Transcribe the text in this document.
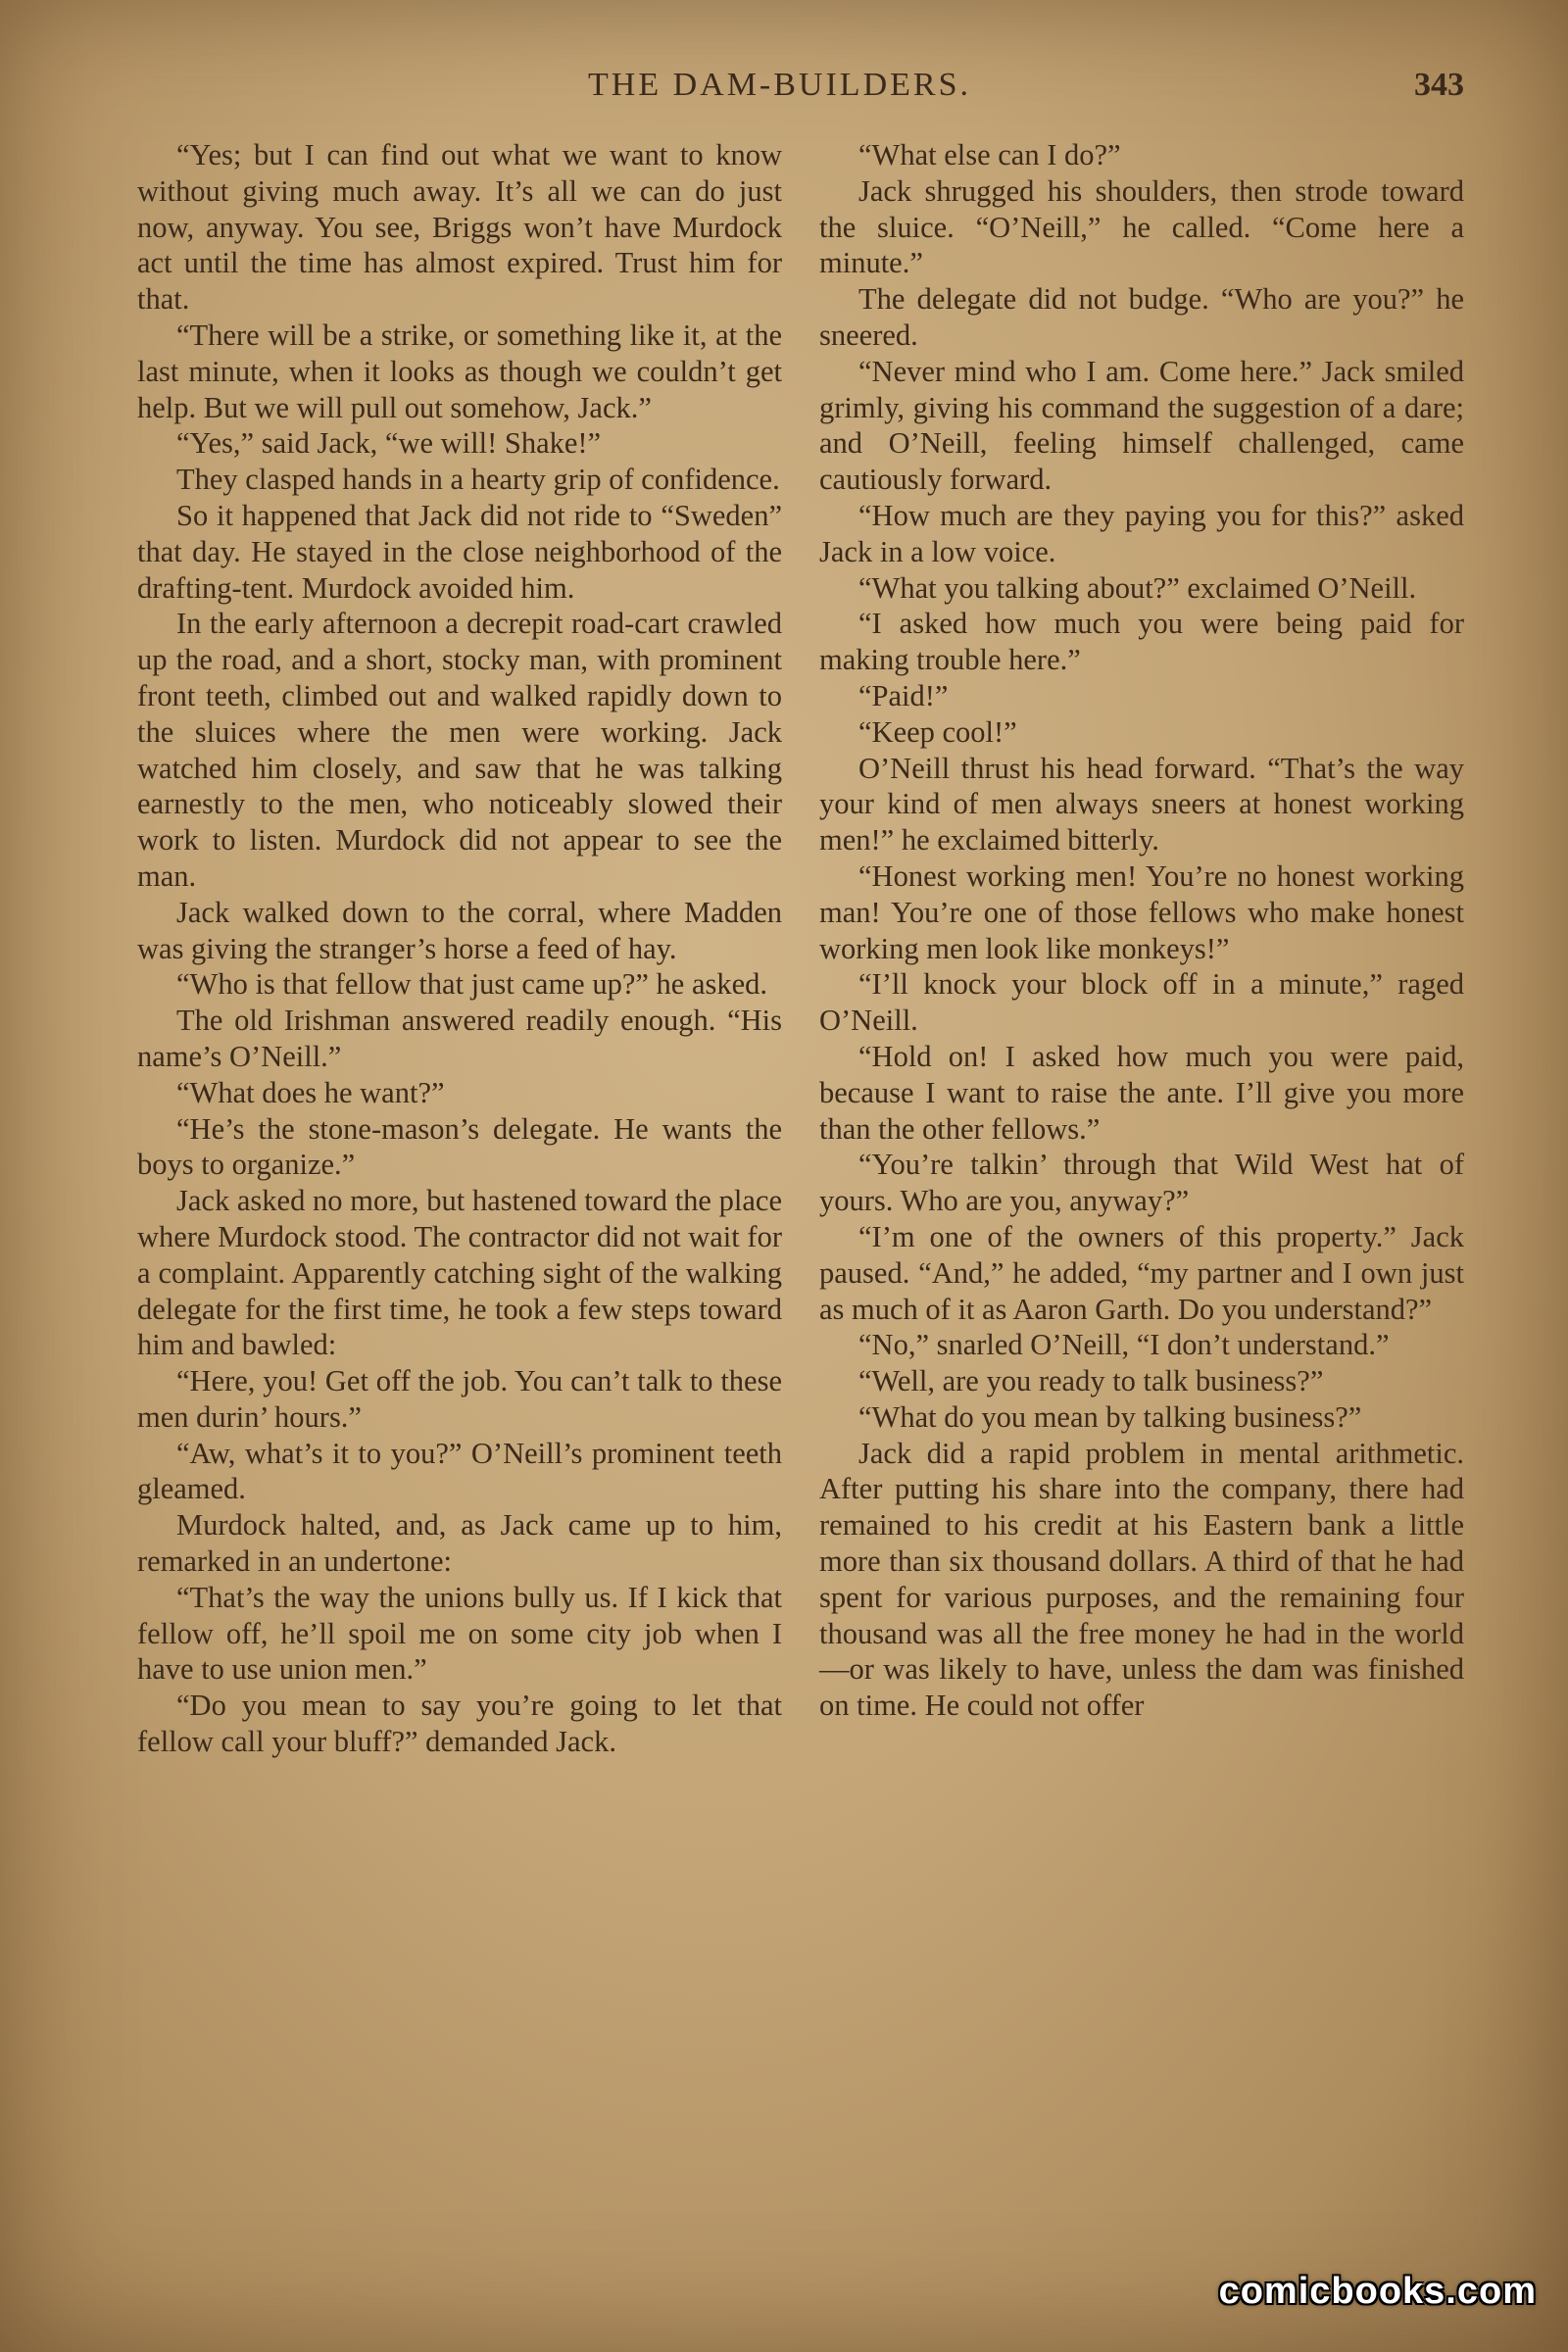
THE DAM-BUILDERS.	343

“Yes; but I can find out what we want to know without giving much away. It’s all we can do just now, anyway. You see, Briggs won’t have Murdock act until the time has almost expired. Trust him for that.

“There will be a strike, or something like it, at the last minute, when it looks as though we couldn’t get help. But we will pull out somehow, Jack.”

“Yes,” said Jack, “we will! Shake!”

They clasped hands in a hearty grip of confidence.

So it happened that Jack did not ride to “Sweden” that day. He stayed in the close neighborhood of the drafting-tent. Murdock avoided him.

In the early afternoon a decrepit road-cart crawled up the road, and a short, stocky man, with prominent front teeth, climbed out and walked rapidly down to the sluices where the men were working. Jack watched him closely, and saw that he was talking earnestly to the men, who noticeably slowed their work to listen. Murdock did not appear to see the man.

Jack walked down to the corral, where Madden was giving the stranger’s horse a feed of hay.

“Who is that fellow that just came up?” he asked.

The old Irishman answered readily enough. “His name’s O’Neill.”

“What does he want?”

“He’s the stone-mason’s delegate. He wants the boys to organize.”

Jack asked no more, but hastened toward the place where Murdock stood. The contractor did not wait for a complaint. Apparently catching sight of the walking delegate for the first time, he took a few steps toward him and bawled:

“Here, you! Get off the job. You can’t talk to these men durin’ hours.”

“Aw, what’s it to you?” O’Neill’s prominent teeth gleamed.

Murdock halted, and, as Jack came up to him, remarked in an undertone:

“That’s the way the unions bully us. If I kick that fellow off, he’ll spoil me on some city job when I have to use union men.”

“Do you mean to say you’re going to let that fellow call your bluff?” demanded Jack.

“What else can I do?”

Jack shrugged his shoulders, then strode toward the sluice. “O’Neill,” he called. “Come here a minute.”

The delegate did not budge. “Who are you?” he sneered.

“Never mind who I am. Come here.” Jack smiled grimly, giving his command the suggestion of a dare; and O’Neill, feeling himself challenged, came cautiously forward.

“How much are they paying you for this?” asked Jack in a low voice.

“What you talking about?” exclaimed O’Neill.

“I asked how much you were being paid for making trouble here.”

“Paid!”

“Keep cool!”

O’Neill thrust his head forward. “That’s the way your kind of men always sneers at honest working men!” he exclaimed bitterly.

“Honest working men! You’re no honest working man! You’re one of those fellows who make honest working men look like monkeys!”

“I’ll knock your block off in a minute,” raged O’Neill.

“Hold on! I asked how much you were paid, because I want to raise the ante. I’ll give you more than the other fellows.”

“You’re talkin’ through that Wild West hat of yours. Who are you, anyway?”

“I’m one of the owners of this property.” Jack paused. “And,” he added, “my partner and I own just as much of it as Aaron Garth. Do you understand?”

“No,” snarled O’Neill, “I don’t understand.”

“Well, are you ready to talk business?”

“What do you mean by talking business?”

Jack did a rapid problem in mental arithmetic. After putting his share into the company, there had remained to his credit at his Eastern bank a little more than six thousand dollars. A third of that he had spent for various purposes, and the remaining four thousand was all the free money he had in the world—or was likely to have, unless the dam was finished on time. He could not offer

comicbooks.com
